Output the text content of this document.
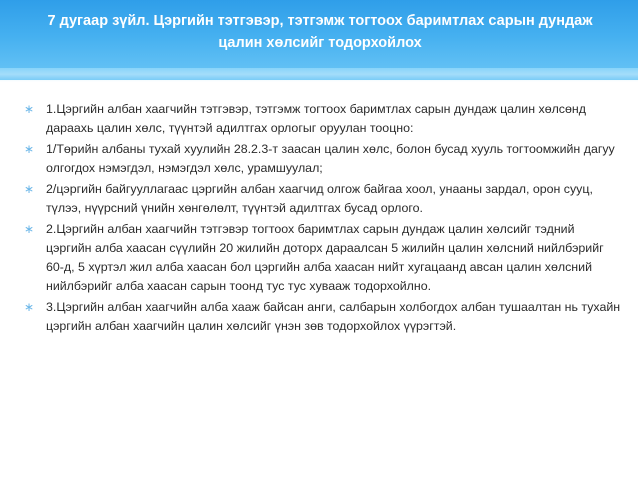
7 дугаар зүйл. Цэргийн тэтгэвэр, тэтгэмж тогтоох баримтлах сарын дундаж цалин хөлсийг тодорхойлох
∗ 1.Цэргийн албан хаагчийн тэтгэвэр, тэтгэмж тогтоох баримтлах сарын дундаж цалин хөлсөнд дараахь цалин хөлс, түүнтэй адилтгах орлогыг оруулан тооцно:
∗ 1/Төрийн албаны тухай хуулийн 28.2.3-т заасан цалин хөлс, болон бусад хууль тогтоомжийн дагуу олгогдох нэмэгдэл, нэмэгдэл хөлс, урамшуулал;
∗ 2/цэргийн байгууллагаас цэргийн албан хаагчид олгож байгаа хоол, унааны зардал, орон сууц, түлээ, нүүрсний үнийн хөнгөлөлт, түүнтэй адилтгах бусад орлого.
∗ 2.Цэргийн албан хаагчийн тэтгэвэр тогтоох баримтлах сарын дундаж цалин хөлсийг тэдний цэргийн алба хаасан сүүлийн 20 жилийн доторх дараалсан 5 жилийн цалин хөлсний нийлбэрийг 60-д, 5 хүртэл жил алба хаасан бол цэргийн алба хаасан нийт хугацаанд авсан цалин хөлсний нийлбэрийг алба хаасан сарын тоонд тус тус хувааж тодорхойлно.
∗ 3.Цэргийн албан хаагчийн алба хааж байсан анги, салбарын холбогдох албан тушаалтан нь тухайн цэргийн албан хаагчийн цалин хөлсийг үнэн зөв тодорхойлох үүрэгтэй.
